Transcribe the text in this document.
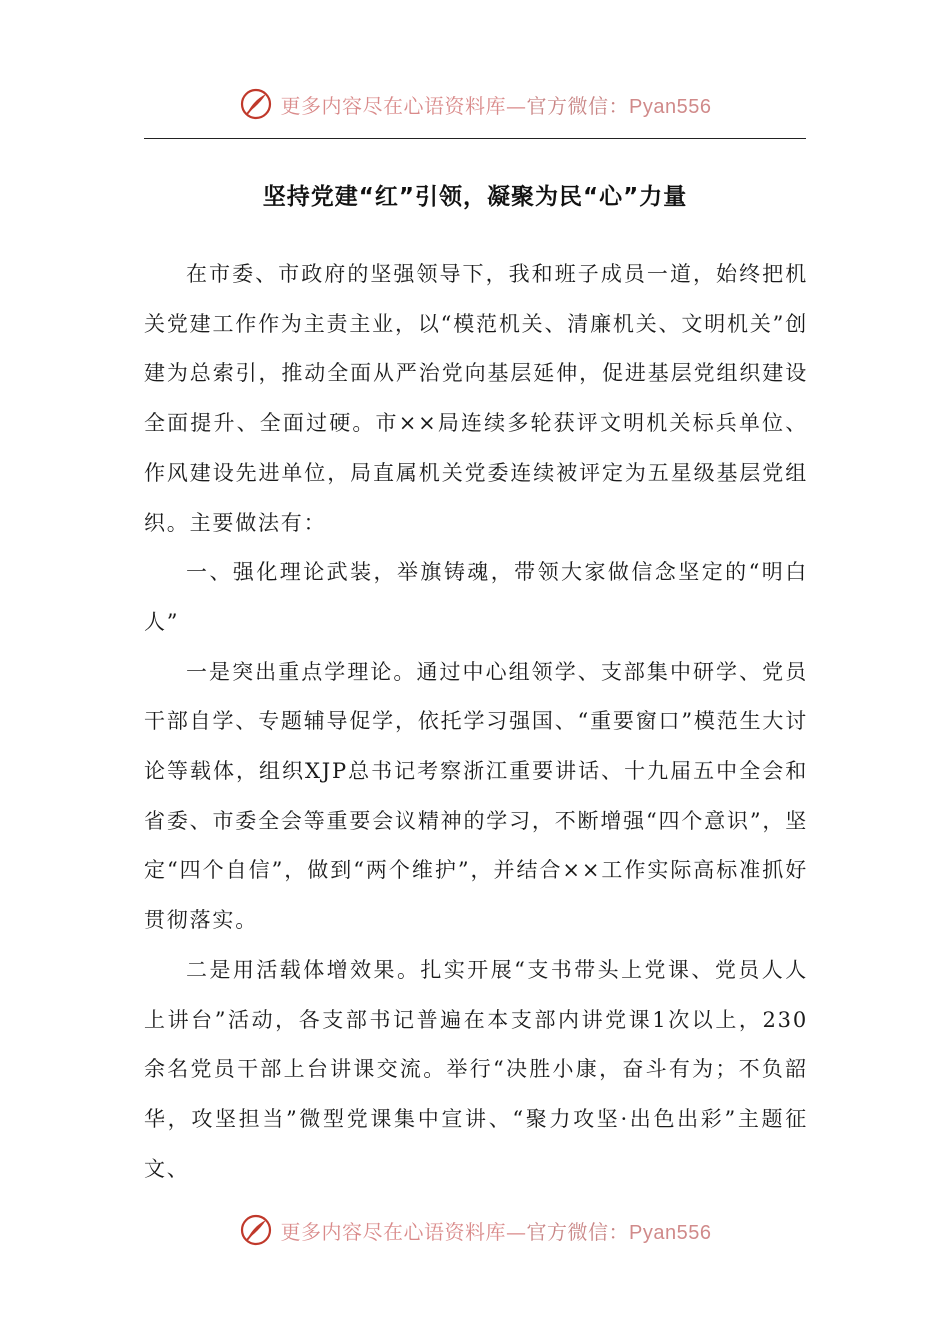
更多内容尽在心语资料库—官方微信：Pyan556
坚持党建“红”引领，凝聚为民“心”力量

在市委、市政府的坚强领导下，我和班子成员一道，始终把机关党建工作作为主责主业，以“模范机关、清廉机关、文明机关”创建为总索引，推动全面从严治党向基层延伸，促进基层党组织建设全面提升、全面过硬。市××局连续多轮获评文明机关标兵单位、作风建设先进单位，局直属机关党委连续被评定为五星级基层党组织。主要做法有：

一、强化理论武装，举旗铸魂，带领大家做信念坚定的“明白人”

一是突出重点学理论。通过中心组领学、支部集中研学、党员干部自学、专题辅导促学，依托学习强国、“重要窗口”模范生大讨论等载体，组织XJP总书记考察浙江重要讲话、十九届五中全会和省委、市委全会等重要会议精神的学习，不断增强“四个意识”，坚定“四个自信”，做到“两个维护”，并结合××工作实际高标准抓好贯彻落实。

二是用活载体增效果。扎实开展“支书带头上党课、党员人人上讲台”活动，各支部书记普遍在本支部内讲党课1次以上，230余名党员干部上台讲课交流。举行“决胜小康，奋斗有为；不负韶华，攻坚担当”微型党课集中宣讲、“聚力攻坚·出色出彩”主题征文、

更多内容尽在心语资料库—官方微信：Pyan556
